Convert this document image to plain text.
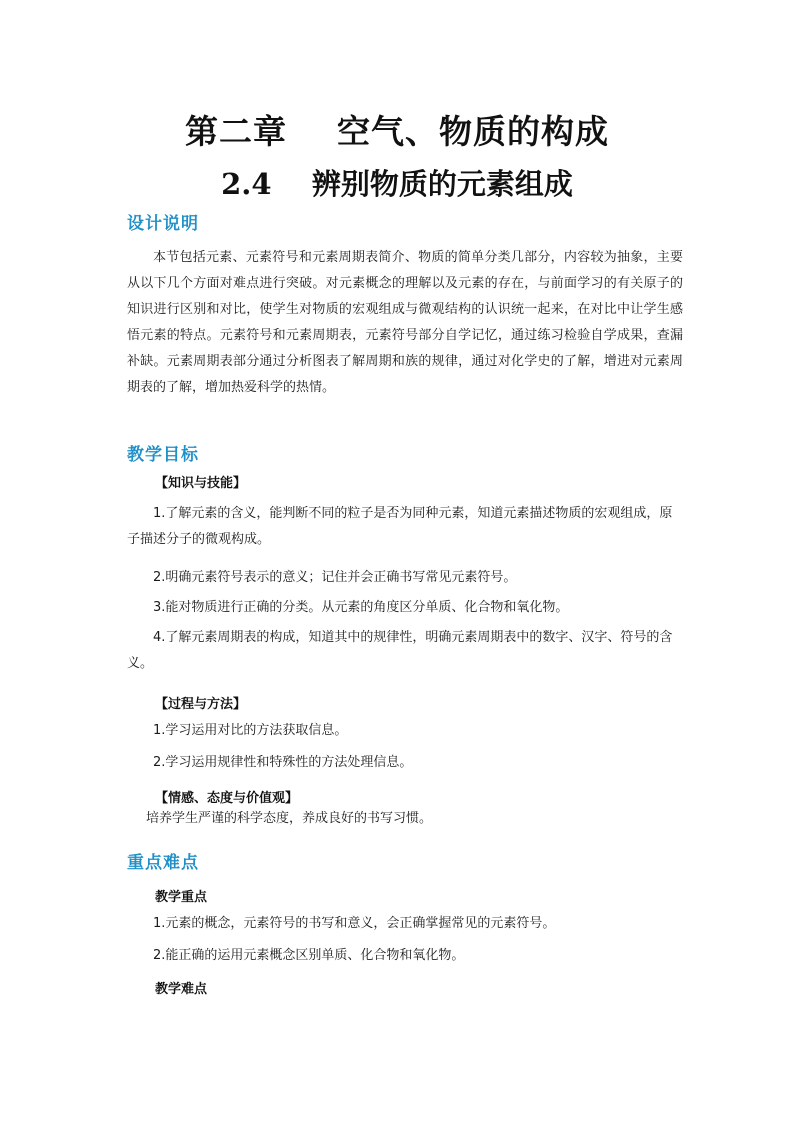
第二章    空气、物质的构成
2.4    辨别物质的元素组成
设计说明
本节包括元素、元素符号和元素周期表简介、物质的简单分类几部分，内容较为抽象，主要从以下几个方面对难点进行突破。对元素概念的理解以及元素的存在，与前面学习的有关原子的知识进行区别和对比，使学生对物质的宏观组成与微观结构的认识统一起来，在对比中让学生感悟元素的特点。元素符号和元素周期表，元素符号部分自学记忆，通过练习检验自学成果，查漏补缺。元素周期表部分通过分析图表了解周期和族的规律，通过对化学史的了解，增进对元素周期表的了解，增加热爱科学的热情。
教学目标
【知识与技能】
1.了解元素的含义，能判断不同的粒子是否为同种元素，知道元素描述物质的宏观组成，原子描述分子的微观构成。
2.明确元素符号表示的意义；记住并会正确书写常见元素符号。
3.能对物质进行正确的分类。从元素的角度区分单质、化合物和氧化物。
4.了解元素周期表的构成，知道其中的规律性，明确元素周期表中的数字、汉字、符号的含义。
【过程与方法】
1.学习运用对比的方法获取信息。
2.学习运用规律性和特殊性的方法处理信息。
【情感、态度与价值观】
培养学生严谨的科学态度，养成良好的书写习惯。
重点难点
教学重点
1.元素的概念，元素符号的书写和意义，会正确掌握常见的元素符号。
2.能正确的运用元素概念区别单质、化合物和氧化物。
教学难点
